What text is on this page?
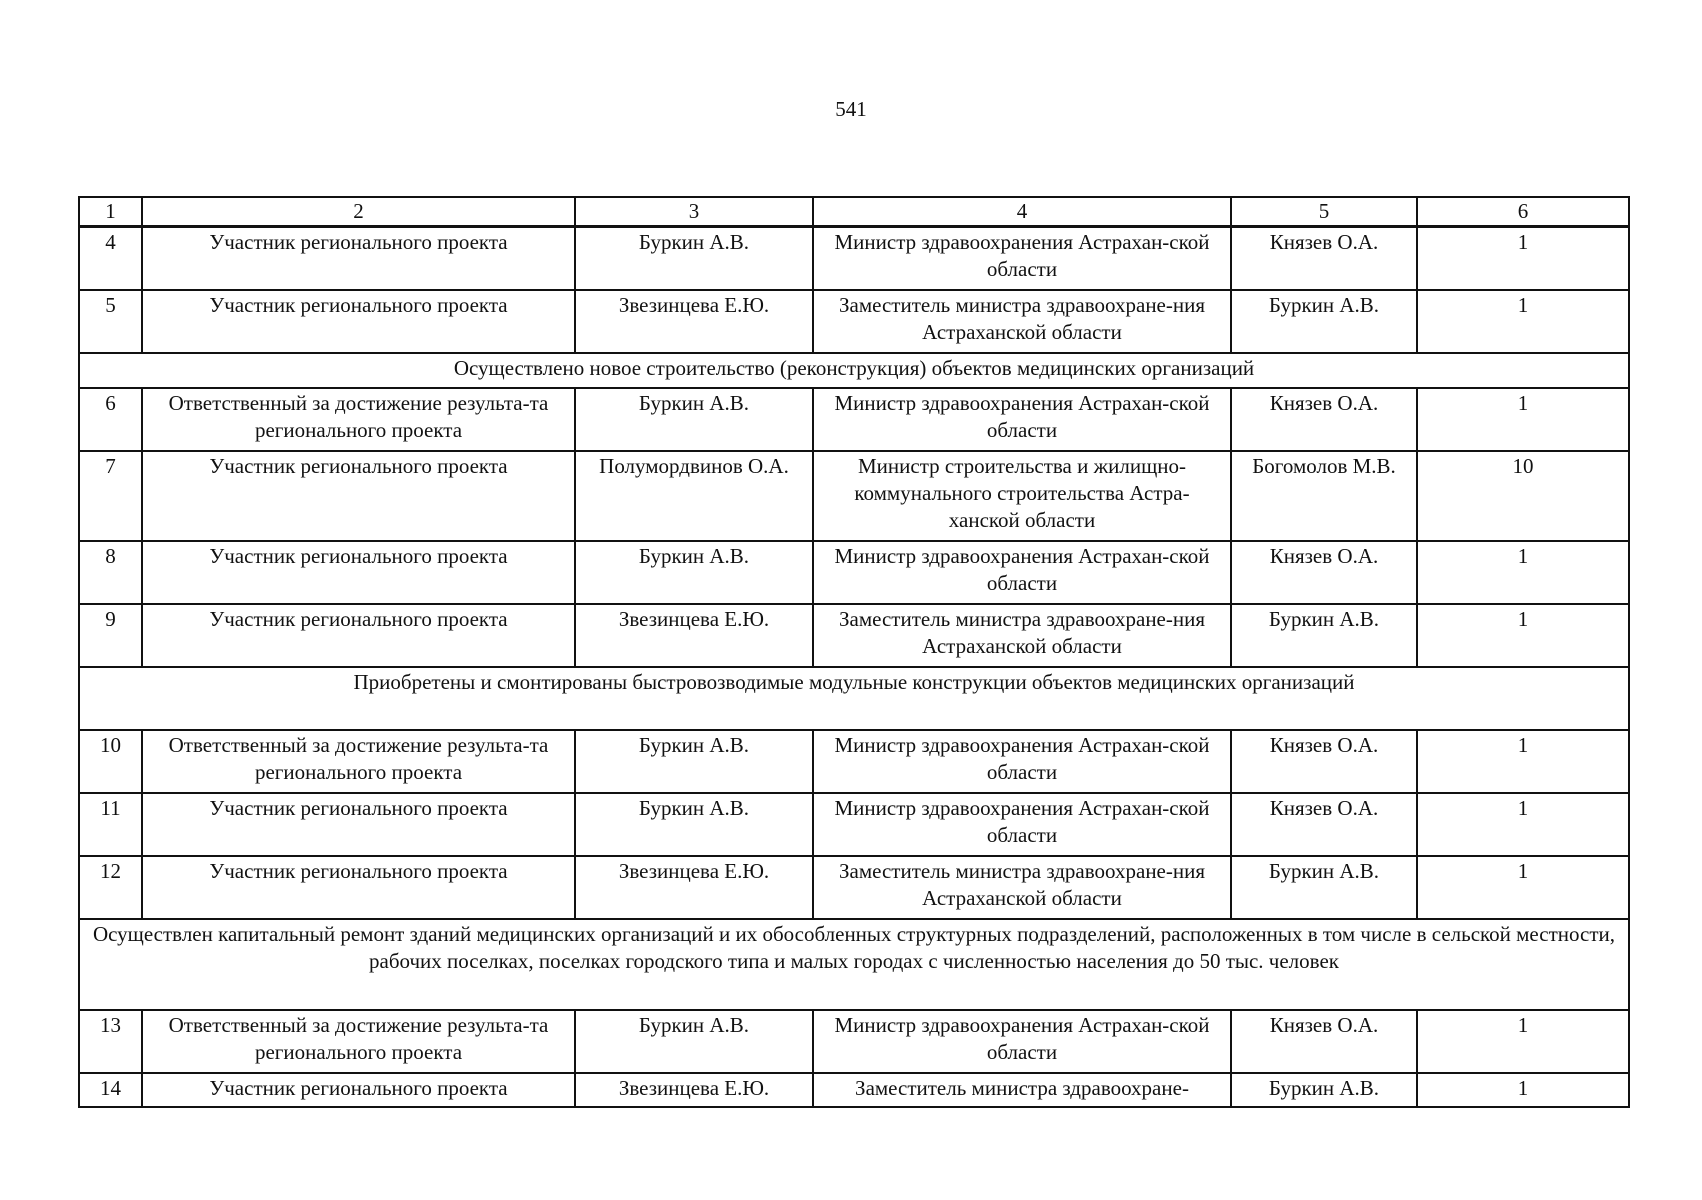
541
1	2	3	4	5	6
4	Участник регионального проекта	Буркин А.В.	Министр здравоохранения Астрахан-ской области	Князев О.А.	1
5	Участник регионального проекта	Звезинцева Е.Ю.	Заместитель министра здравоохране-ния Астраханской области	Буркин А.В.	1
Осуществлено новое строительство (реконструкция) объектов медицинских организаций					
6	Ответственный за достижение результа-та регионального проекта	Буркин А.В.	Министр здравоохранения Астрахан-ской области	Князев О.А.	1
7	Участник регионального проекта	Полумордвинов О.А.	Министр строительства и жилищно-коммунального строительства Астра-ханской области	Богомолов М.В.	10
8	Участник регионального проекта	Буркин А.В.	Министр здравоохранения Астрахан-ской области	Князев О.А.	1
9	Участник регионального проекта	Звезинцева Е.Ю.	Заместитель министра здравоохране-ния Астраханской области	Буркин А.В.	1
Приобретены и смонтированы быстровозводимые модульные конструкции объектов медицинских организаций					
10	Ответственный за достижение результа-та регионального проекта	Буркин А.В.	Министр здравоохранения Астрахан-ской области	Князев О.А.	1
11	Участник регионального проекта	Буркин А.В.	Министр здравоохранения Астрахан-ской области	Князев О.А.	1
12	Участник регионального проекта	Звезинцева Е.Ю.	Заместитель министра здравоохране-ния Астраханской области	Буркин А.В.	1
Осуществлен капитальный ремонт зданий медицинских организаций и их обособленных структурных подразделений, расположенных в том числе в сельской местности, рабочих поселках, поселках городского типа и малых городах с численностью населения до 50 тыс. человек					
13	Ответственный за достижение результа-та регионального проекта	Буркин А.В.	Министр здравоохранения Астрахан-ской области	Князев О.А.	1
14	Участник регионального проекта	Звезинцева Е.Ю.	Заместитель министра здравоохране-	Буркин А.В.	1
